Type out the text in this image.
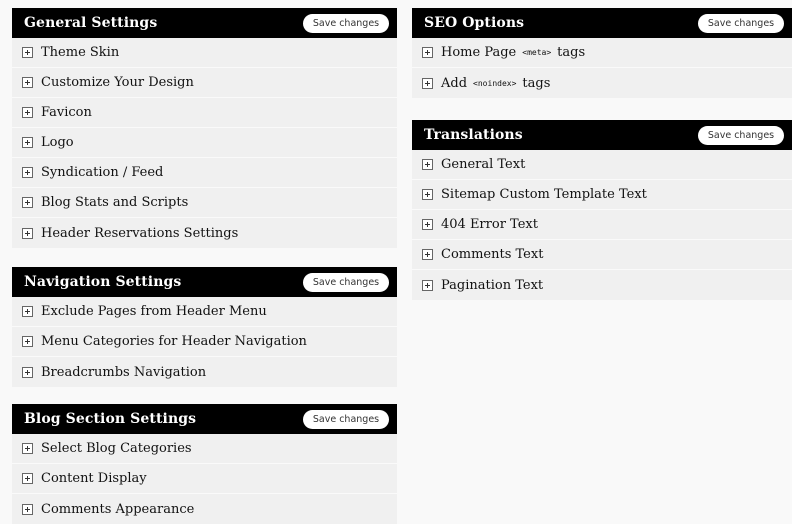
General Settings	Save changes
Theme Skin
Customize Your Design
Favicon
Logo
Syndication / Feed
Blog Stats and Scripts
Header Reservations Settings
Navigation Settings	Save changes
Exclude Pages from Header Menu
Menu Categories for Header Navigation
Breadcrumbs Navigation
Blog Section Settings	Save changes
Select Blog Categories
Content Display
Comments Appearance
SEO Options	Save changes
Home Page <meta> tags
Add <noindex> tags
Translations	Save changes
General Text
Sitemap Custom Template Text
404 Error Text
Comments Text
Pagination Text
